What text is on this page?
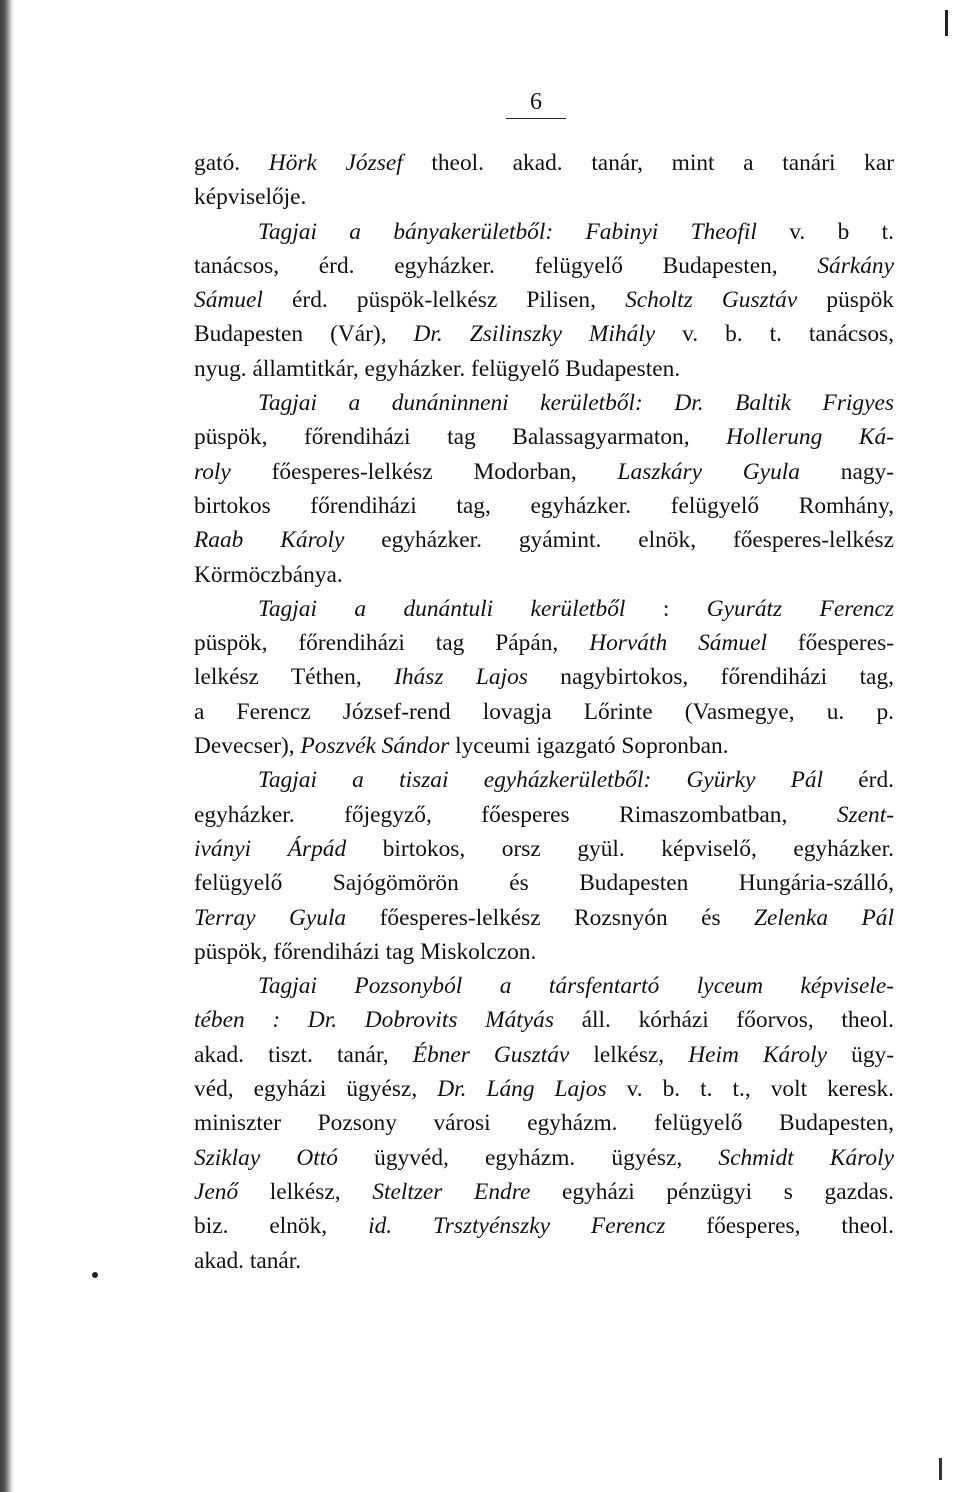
6
gató. Hörk József theol. akad. tanár, mint a tanári kar
képviselője.
Tagjai a bányakerületből: Fabinyi Theofil v. b t.
tanácsos, érd. egyházker. felügyelő Budapesten, Sárkány
Sámuel érd. püspök-lelkész Pilisen, Scholtz Gusztáv püspök
Budapesten (Vár), Dr. Zsilinszky Mihály v. b. t. tanácsos,
nyug. államtitkár, egyházker. felügyelő Budapesten.
Tagjai a dunáninneni kerületből: Dr. Baltik Frigyes
püspök, főrendiházi tag Balassagyarmaton, Hollerung Ká-
roly főesperes-lelkész Modorban, Laszkáry Gyula nagy-
birtokos főrendiházi tag, egyházker. felügyelő Romhány,
Raab Károly egyházker. gyámint. elnök, főesperes-lelkész
Körmöczbánya.
Tagjai a dunántuli kerületből : Gyurátz Ferencz
püspök, főrendiházi tag Pápán, Horváth Sámuel főesperes-
lelkész Téthen, Ihász Lajos nagybirtokos, főrendiházi tag,
a Ferencz József-rend lovagja Lőrinte (Vasmegye, u. p.
Devecser), Poszvék Sándor lyceumi igazgató Sopronban.
Tagjai a tiszai egyházkerületből: Gyürky Pál érd.
egyházker. főjegyző, főesperes Rimaszombatban, Szent-
iványi Árpád birtokos, orsz gyül. képviselő, egyházker.
felügyelő Sajógömörön és Budapesten Hungária-szálló,
Terray Gyula főesperes-lelkész Rozsnyón és Zelenka Pál
püspök, főrendiházi tag Miskolczon.
Tagjai Pozsonyból a társfentartó lyceum képvisele-
tében : Dr. Dobrovits Mátyás áll. kórházi főorvos, theol.
akad. tiszt. tanár, Ébner Gusztáv lelkész, Heim Károly ügy-
véd, egyházi ügyész, Dr. Láng Lajos v. b. t. t., volt keresk.
miniszter Pozsony városi egyházm. felügyelő Budapesten,
Sziklay Ottó ügyvéd, egyházm. ügyész, Schmidt Károly
Jenő lelkész, Steltzer Endre egyházi pénzügyi s gazdas.
biz. elnök, id. Trsztyénszky Ferencz főesperes, theol.
akad. tanár.
